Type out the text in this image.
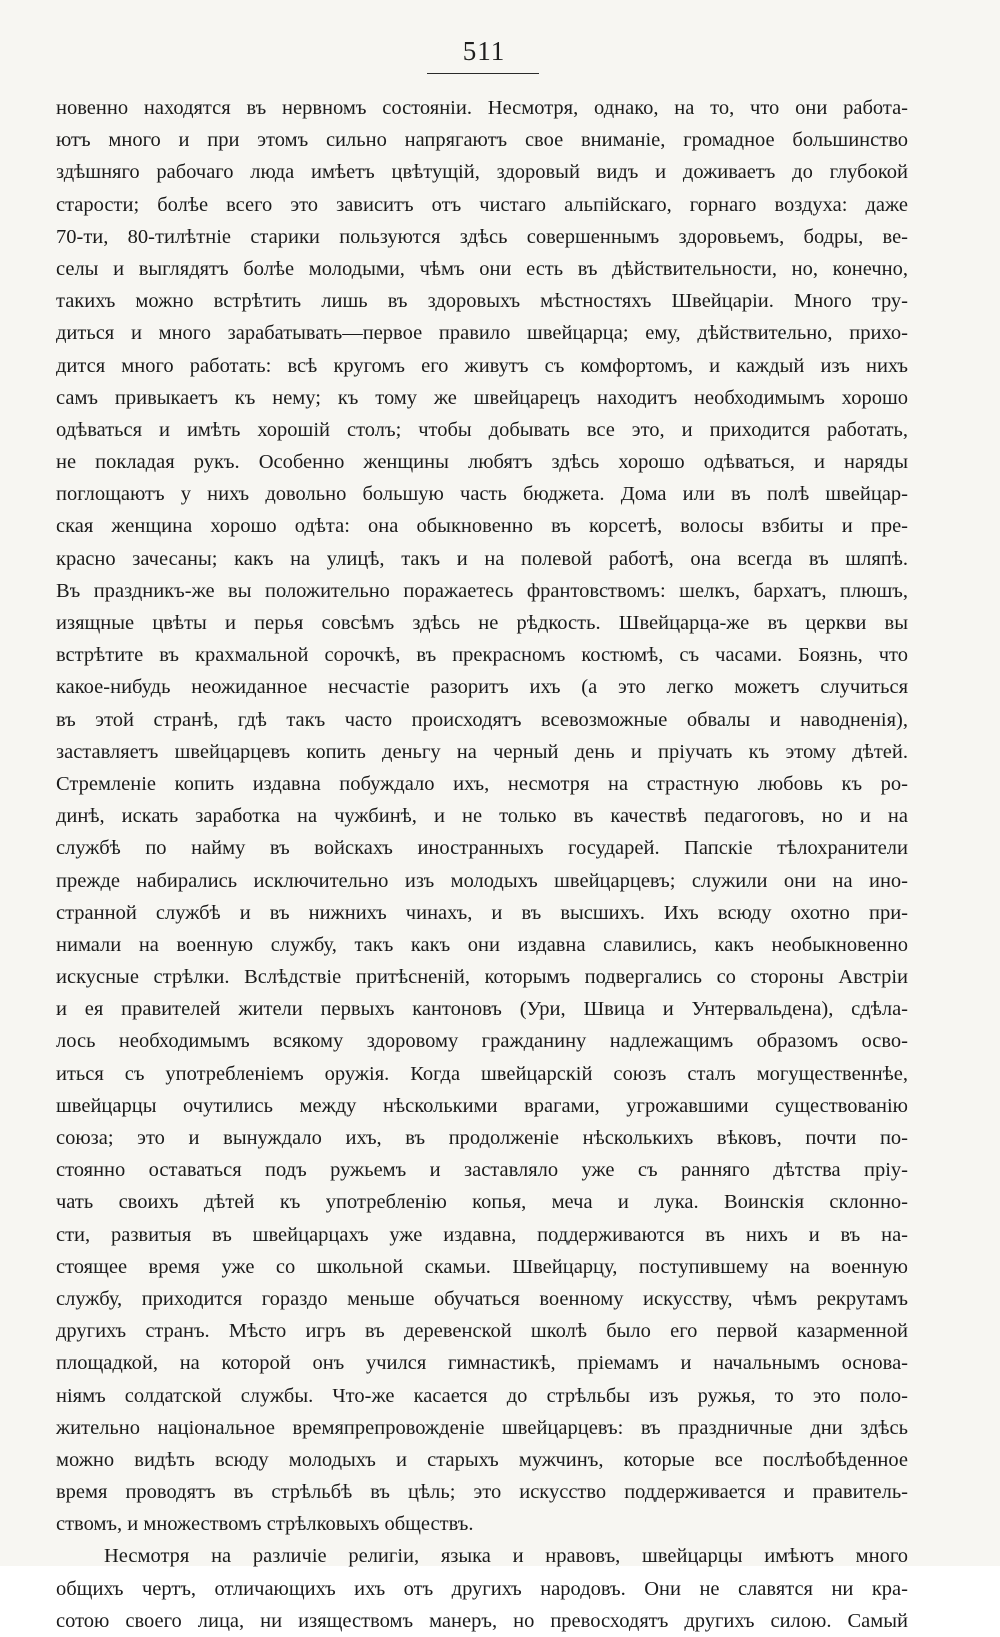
511
новенно находятся въ нервномъ состояніи. Несмотря, однако, на то, что они работа-
ютъ много и при этомъ сильно напрягаютъ свое вниманіе, громадное большинство
здѣшняго рабочаго люда имѣетъ цвѣтущій, здоровый видъ и доживаетъ до глубокой
старости; болѣе всего это зависитъ отъ чистаго альпійскаго, горнаго воздуха: даже
70-ти, 80-тилѣтніе старики пользуются здѣсь совершеннымъ здоровьемъ, бодры, ве-
селы и выглядятъ болѣе молодыми, чѣмъ они есть въ дѣйствительности, но, конечно,
такихъ можно встрѣтить лишь въ здоровыхъ мѣстностяхъ Швейцаріи. Много тру-
диться и много зарабатывать—первое правило швейцарца; ему, дѣйствительно, прихо-
дится много работать: всѣ кругомъ его живутъ съ комфортомъ, и каждый изъ нихъ
самъ привыкаетъ къ нему; къ тому же швейцарецъ находитъ необходимымъ хорошо
одѣваться и имѣть хорошій столъ; чтобы добывать все это, и приходится работать,
не покладая рукъ. Особенно женщины любятъ здѣсь хорошо одѣваться, и наряды
поглощаютъ у нихъ довольно большую часть бюджета. Дома или въ полѣ швейцар-
ская женщина хорошо одѣта: она обыкновенно въ корсетѣ, волосы взбиты и пре-
красно зачесаны; какъ на улицѣ, такъ и на полевой работѣ, она всегда въ шляпѣ.
Въ праздникъ-же вы положительно поражаетесь франтовствомъ: шелкъ, бархатъ, плюшъ,
изящные цвѣты и перья совсѣмъ здѣсь не рѣдкость. Швейцарца-же въ церкви вы
встрѣтите въ крахмальной сорочкѣ, въ прекрасномъ костюмѣ, съ часами. Боязнь, что
какое-нибудь неожиданное несчастіе разоритъ ихъ (а это легко можетъ случиться
въ этой странѣ, гдѣ такъ часто происходятъ всевозможные обвалы и наводненія),
заставляетъ швейцарцевъ копить деньгу на черный день и пріучать къ этому дѣтей.
Стремленіе копить издавна побуждало ихъ, несмотря на страстную любовь къ ро-
динѣ, искать заработка на чужбинѣ, и не только въ качествѣ педагоговъ, но и на
службѣ по найму въ войскахъ иностранныхъ государей. Папскіе тѣлохранители
прежде набирались исключительно изъ молодыхъ швейцарцевъ; служили они на ино-
странной службѣ и въ нижнихъ чинахъ, и въ высшихъ. Ихъ всюду охотно при-
нимали на военную службу, такъ какъ они издавна славились, какъ необыкновенно
искусные стрѣлки. Вслѣдствіе притѣсненій, которымъ подвергались со стороны Австріи
и ея правителей жители первыхъ кантоновъ (Ури, Швица и Унтервальдена), сдѣла-
лось необходимымъ всякому здоровому гражданину надлежащимъ образомъ осво-
иться съ употребленіемъ оружія. Когда швейцарскій союзъ сталъ могущественнѣе,
швейцарцы очутились между нѣсколькими врагами, угрожавшими существованію
союза; это и вынуждало ихъ, въ продолженіе нѣсколькихъ вѣковъ, почти по-
стоянно оставаться подъ ружьемъ и заставляло уже съ ранняго дѣтства пріу-
чать своихъ дѣтей къ употребленію копья, меча и лука. Воинскія склонно-
сти, развитыя въ швейцарцахъ уже издавна, поддерживаются въ нихъ и въ на-
стоящее время уже со школьной скамьи. Швейцарцу, поступившему на военную
службу, приходится гораздо меньше обучаться военному искусству, чѣмъ рекрутамъ
другихъ странъ. Мѣсто игръ въ деревенской школѣ было его первой казарменной
площадкой, на которой онъ учился гимнастикѣ, пріемамъ и начальнымъ основа-
ніямъ солдатской службы. Что-же касается до стрѣльбы изъ ружья, то это поло-
жительно національное времяпрепровожденіе швейцарцевъ: въ праздничные дни здѣсь
можно видѣть всюду молодыхъ и старыхъ мужчинъ, которые все послѣобѣденное
время проводятъ въ стрѣльбѣ въ цѣль; это искусство поддерживается и правитель-
ствомъ, и множествомъ стрѣлковыхъ обществъ.
Несмотря на различіе религіи, языка и нравовъ, швейцарцы имѣютъ много
общихъ чертъ, отличающихъ ихъ отъ другихъ народовъ. Они не славятся ни кра-
сотою своего лица, ни изяществомъ манеръ, но превосходятъ другихъ силою. Самый
